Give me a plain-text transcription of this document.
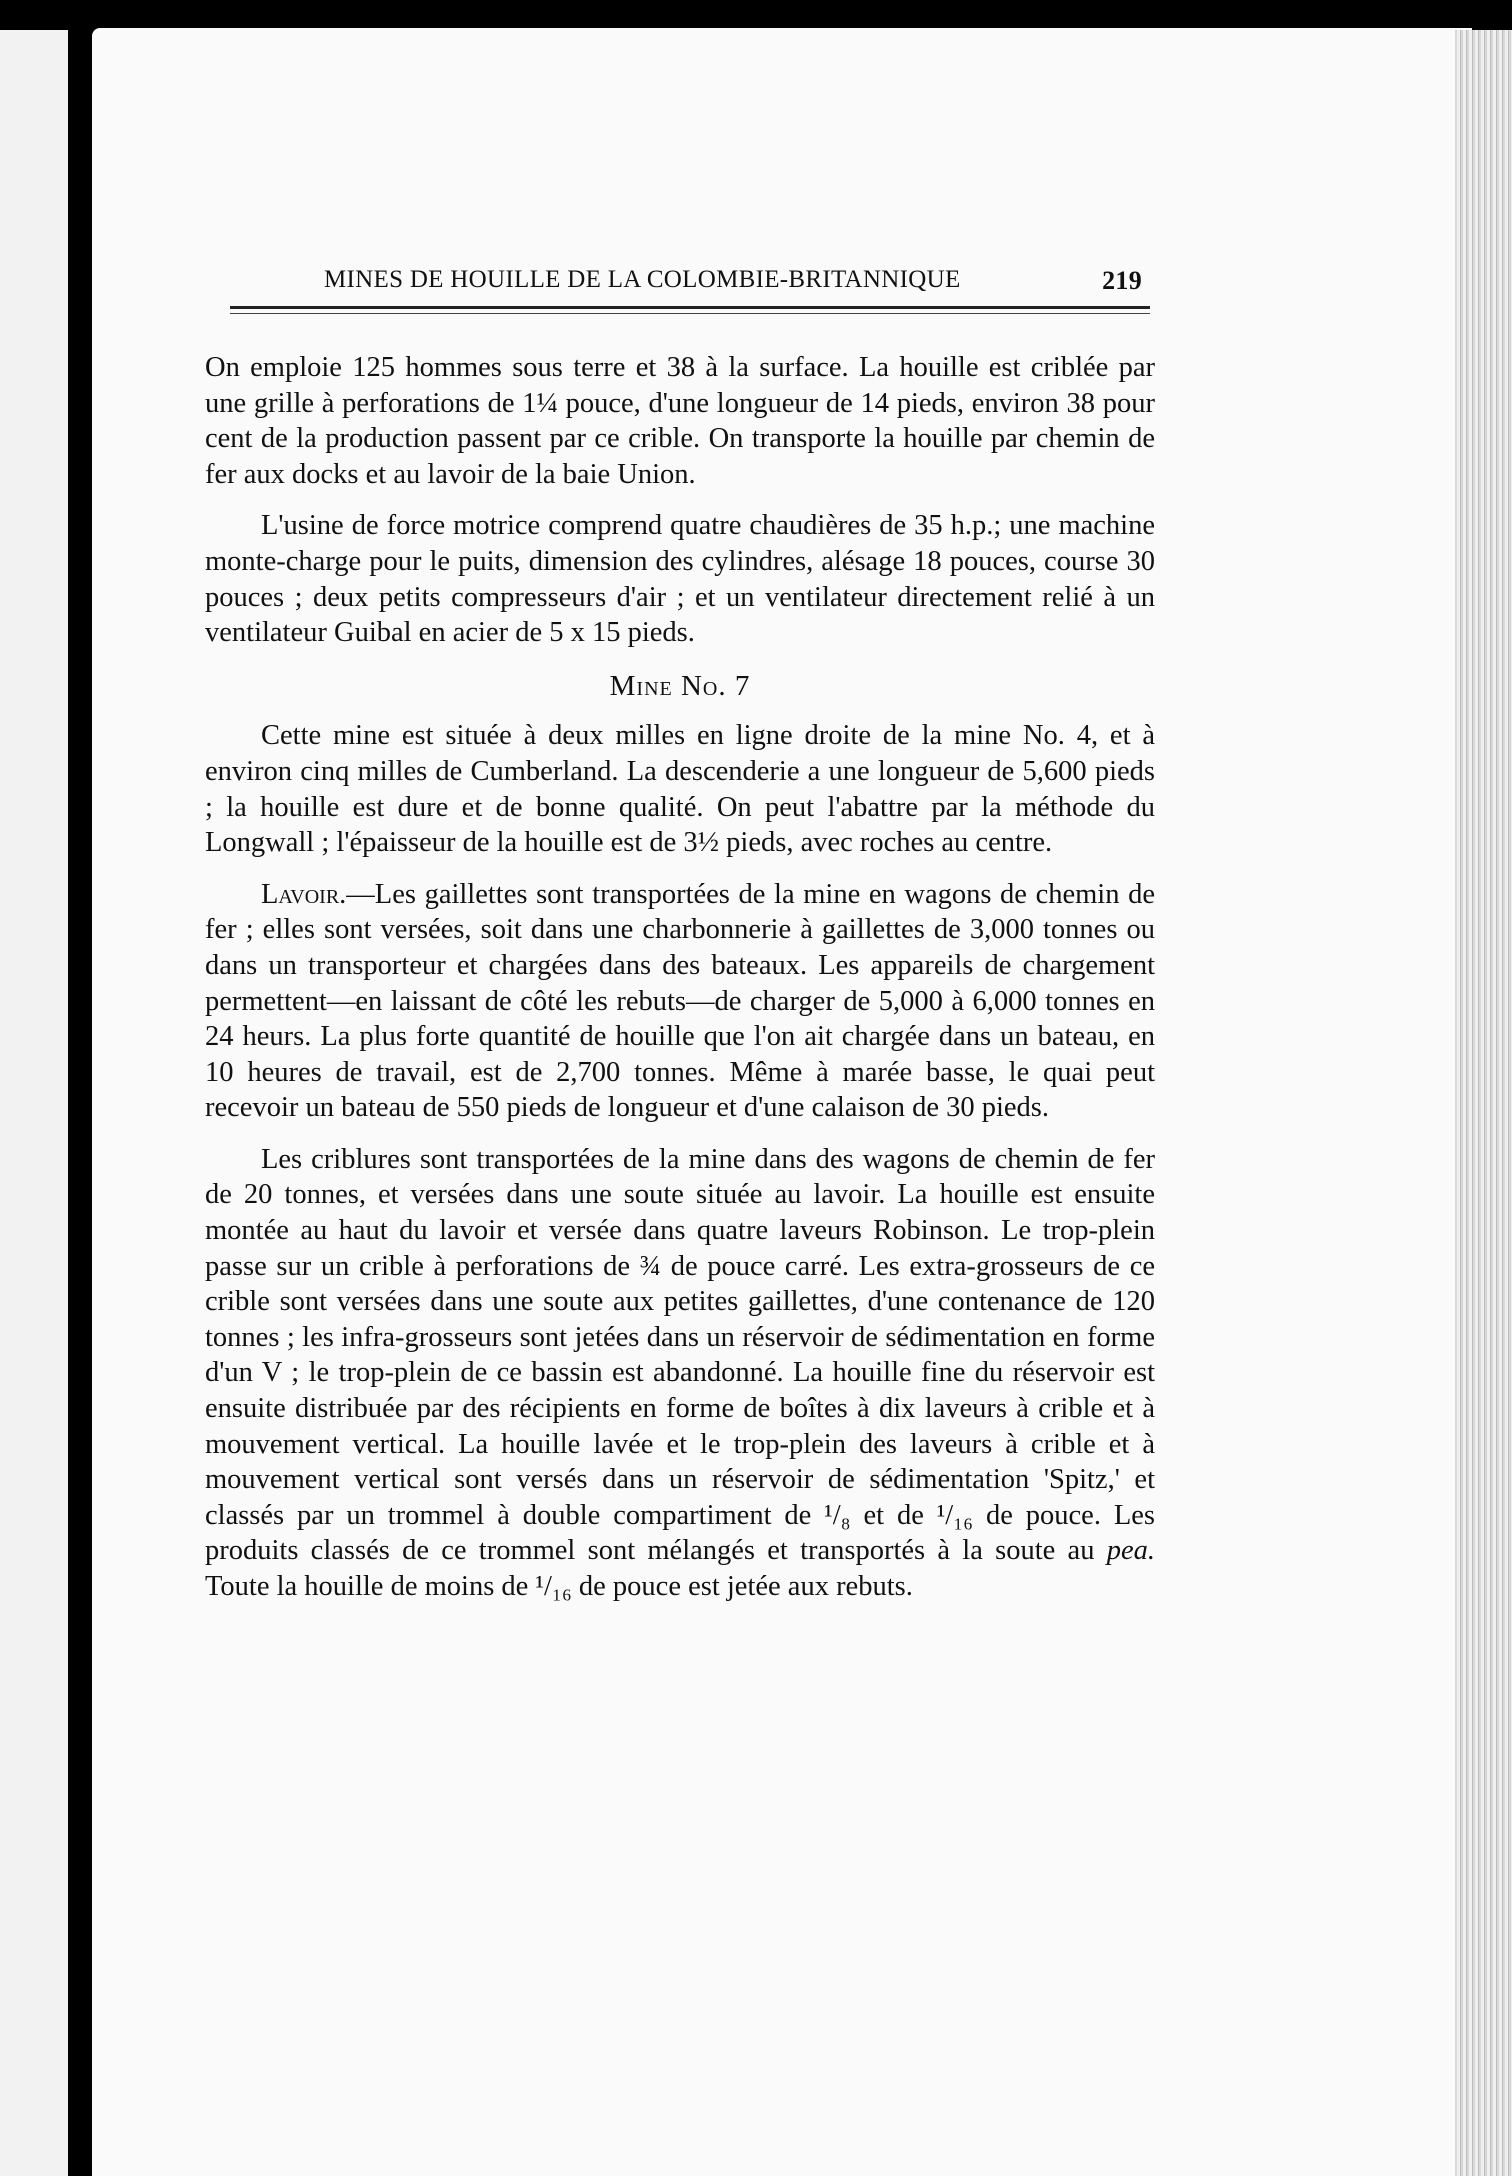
MINES DE HOUILLE DE LA COLOMBIE-BRITANNIQUE	219

On emploie 125 hommes sous terre et 38 à la surface. La houille est criblée par une grille à perforations de 1¼ pouce, d'une longueur de 14 pieds, environ 38 pour cent de la production passent par ce crible. On transporte la houille par chemin de fer aux docks et au lavoir de la baie Union.

L'usine de force motrice comprend quatre chaudières de 35 h.p.; une machine monte-charge pour le puits, dimension des cylindres, alésage 18 pouces, course 30 pouces ; deux petits compresseurs d'air ; et un ventilateur directement relié à un ventilateur Guibal en acier de 5 x 15 pieds.

Mine No. 7

Cette mine est située à deux milles en ligne droite de la mine No. 4, et à environ cinq milles de Cumberland. La descenderie a une longueur de 5,600 pieds ; la houille est dure et de bonne qualité. On peut l'abattre par la méthode du Longwall ; l'épaisseur de la houille est de 3½ pieds, avec roches au centre.

Lavoir.—Les gaillettes sont transportées de la mine en wagons de chemin de fer ; elles sont versées, soit dans une charbonnerie à gaillettes de 3,000 tonnes ou dans un transporteur et chargées dans des bateaux. Les appareils de chargement permettent—en laissant de côté les rebuts—de charger de 5,000 à 6,000 tonnes en 24 heurs. La plus forte quantité de houille que l'on ait chargée dans un bateau, en 10 heures de travail, est de 2,700 tonnes. Même à marée basse, le quai peut recevoir un bateau de 550 pieds de longueur et d'une calaison de 30 pieds.

Les criblures sont transportées de la mine dans des wagons de chemin de fer de 20 tonnes, et versées dans une soute située au lavoir. La houille est ensuite montée au haut du lavoir et versée dans quatre laveurs Robinson. Le trop-plein passe sur un crible à perforations de ¾ de pouce carré. Les extra-grosseurs de ce crible sont versées dans une soute aux petites gaillettes, d'une contenance de 120 tonnes ; les infra-grosseurs sont jetées dans un réservoir de sédimentation en forme d'un V ; le trop-plein de ce bassin est abandonné. La houille fine du réservoir est ensuite distribuée par des récipients en forme de boîtes à dix laveurs à crible et à mouvement vertical. La houille lavée et le trop-plein des laveurs à crible et à mouvement vertical sont versés dans un réservoir de sédimentation 'Spitz,' et classés par un trommel à double compartiment de ¹/₈ et de ¹/₁₆ de pouce. Les produits classés de ce trommel sont mélangés et transportés à la soute au pea. Toute la houille de moins de ¹/₁₆ de pouce est jetée aux rebuts.
